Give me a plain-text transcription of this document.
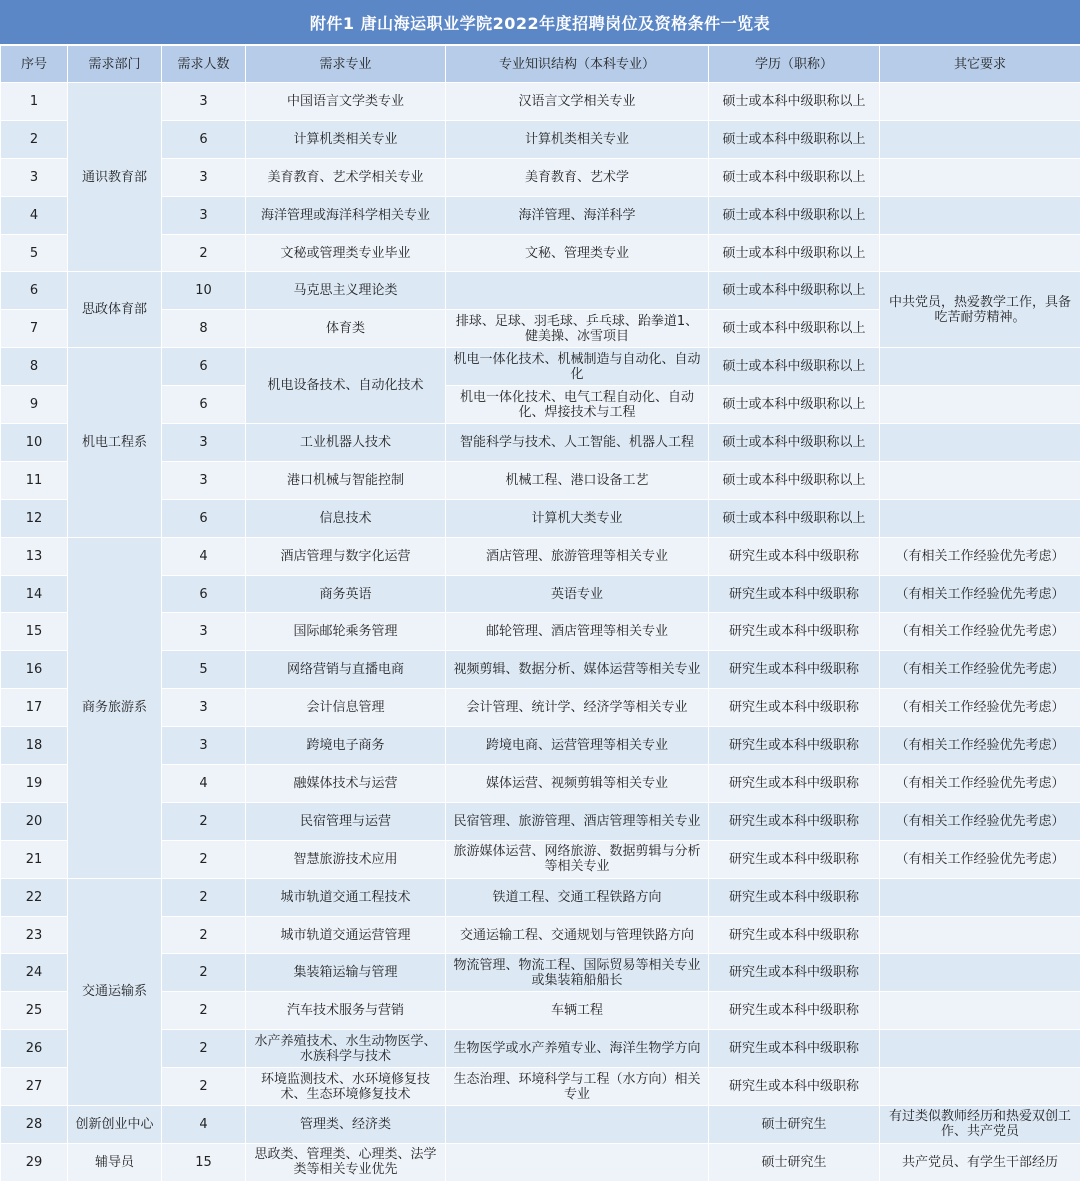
附件1 唐山海运职业学院2022年度招聘岗位及资格条件一览表
序号	需求部门	需求人数	需求专业	专业知识结构（本科专业）	学历（职称）	其它要求
1	通识教育部	3	中国语言文学类专业	汉语言文学相关专业	硕士或本科中级职称以上	
2		6	计算机类相关专业	计算机类相关专业	硕士或本科中级职称以上	
3		3	美育教育、艺术学相关专业	美育教育、艺术学	硕士或本科中级职称以上	
4		3	海洋管理或海洋科学相关专业	海洋管理、海洋科学	硕士或本科中级职称以上	
5		2	文秘或管理类专业毕业	文秘、管理类专业	硕士或本科中级职称以上	
6	思政体育部	10	马克思主义理论类		硕士或本科中级职称以上	中共党员，热爱教学工作，具备吃苦耐劳精神。
7		8	体育类	排球、足球、羽毛球、乒乓球、跆拳道1、健美操、冰雪项目	硕士或本科中级职称以上	
8	机电工程系	6	机电设备技术、自动化技术	机电一体化技术、机械制造与自动化、自动化	硕士或本科中级职称以上	
9		6		机电一体化技术、电气工程自动化、自动化、焊接技术与工程	硕士或本科中级职称以上	
10		3	工业机器人技术	智能科学与技术、人工智能、机器人工程	硕士或本科中级职称以上	
11		3	港口机械与智能控制	机械工程、港口设备工艺	硕士或本科中级职称以上	
12		6	信息技术	计算机大类专业	硕士或本科中级职称以上	
13	商务旅游系	4	酒店管理与数字化运营	酒店管理、旅游管理等相关专业	研究生或本科中级职称	（有相关工作经验优先考虑）
14		6	商务英语	英语专业	研究生或本科中级职称	（有相关工作经验优先考虑）
15		3	国际邮轮乘务管理	邮轮管理、酒店管理等相关专业	研究生或本科中级职称	（有相关工作经验优先考虑）
16		5	网络营销与直播电商	视频剪辑、数据分析、媒体运营等相关专业	研究生或本科中级职称	（有相关工作经验优先考虑）
17		3	会计信息管理	会计管理、统计学、经济学等相关专业	研究生或本科中级职称	（有相关工作经验优先考虑）
18		3	跨境电子商务	跨境电商、运营管理等相关专业	研究生或本科中级职称	（有相关工作经验优先考虑）
19		4	融媒体技术与运营	媒体运营、视频剪辑等相关专业	研究生或本科中级职称	（有相关工作经验优先考虑）
20		2	民宿管理与运营	民宿管理、旅游管理、酒店管理等相关专业	研究生或本科中级职称	（有相关工作经验优先考虑）
21		2	智慧旅游技术应用	旅游媒体运营、网络旅游、数据剪辑与分析等相关专业	研究生或本科中级职称	（有相关工作经验优先考虑）
22	交通运输系	2	城市轨道交通工程技术	铁道工程、交通工程铁路方向	研究生或本科中级职称	
23		2	城市轨道交通运营管理	交通运输工程、交通规划与管理铁路方向	研究生或本科中级职称	
24		2	集装箱运输与管理	物流管理、物流工程、国际贸易等相关专业或集装箱船船长	研究生或本科中级职称	
25		2	汽车技术服务与营销	车辆工程	研究生或本科中级职称	
26		2	水产养殖技术、水生动物医学、水族科学与技术	生物医学或水产养殖专业、海洋生物学方向	研究生或本科中级职称	
27		2	环境监测技术、水环境修复技术、生态环境修复技术	生态治理、环境科学与工程（水方向）相关专业	研究生或本科中级职称	
28	创新创业中心	4	管理类、经济类		硕士研究生	有过类似教师经历和热爱双创工作、共产党员
29	辅导员	15	思政类、管理类、心理类、法学类等相关专业优先		硕士研究生	共产党员、有学生干部经历
